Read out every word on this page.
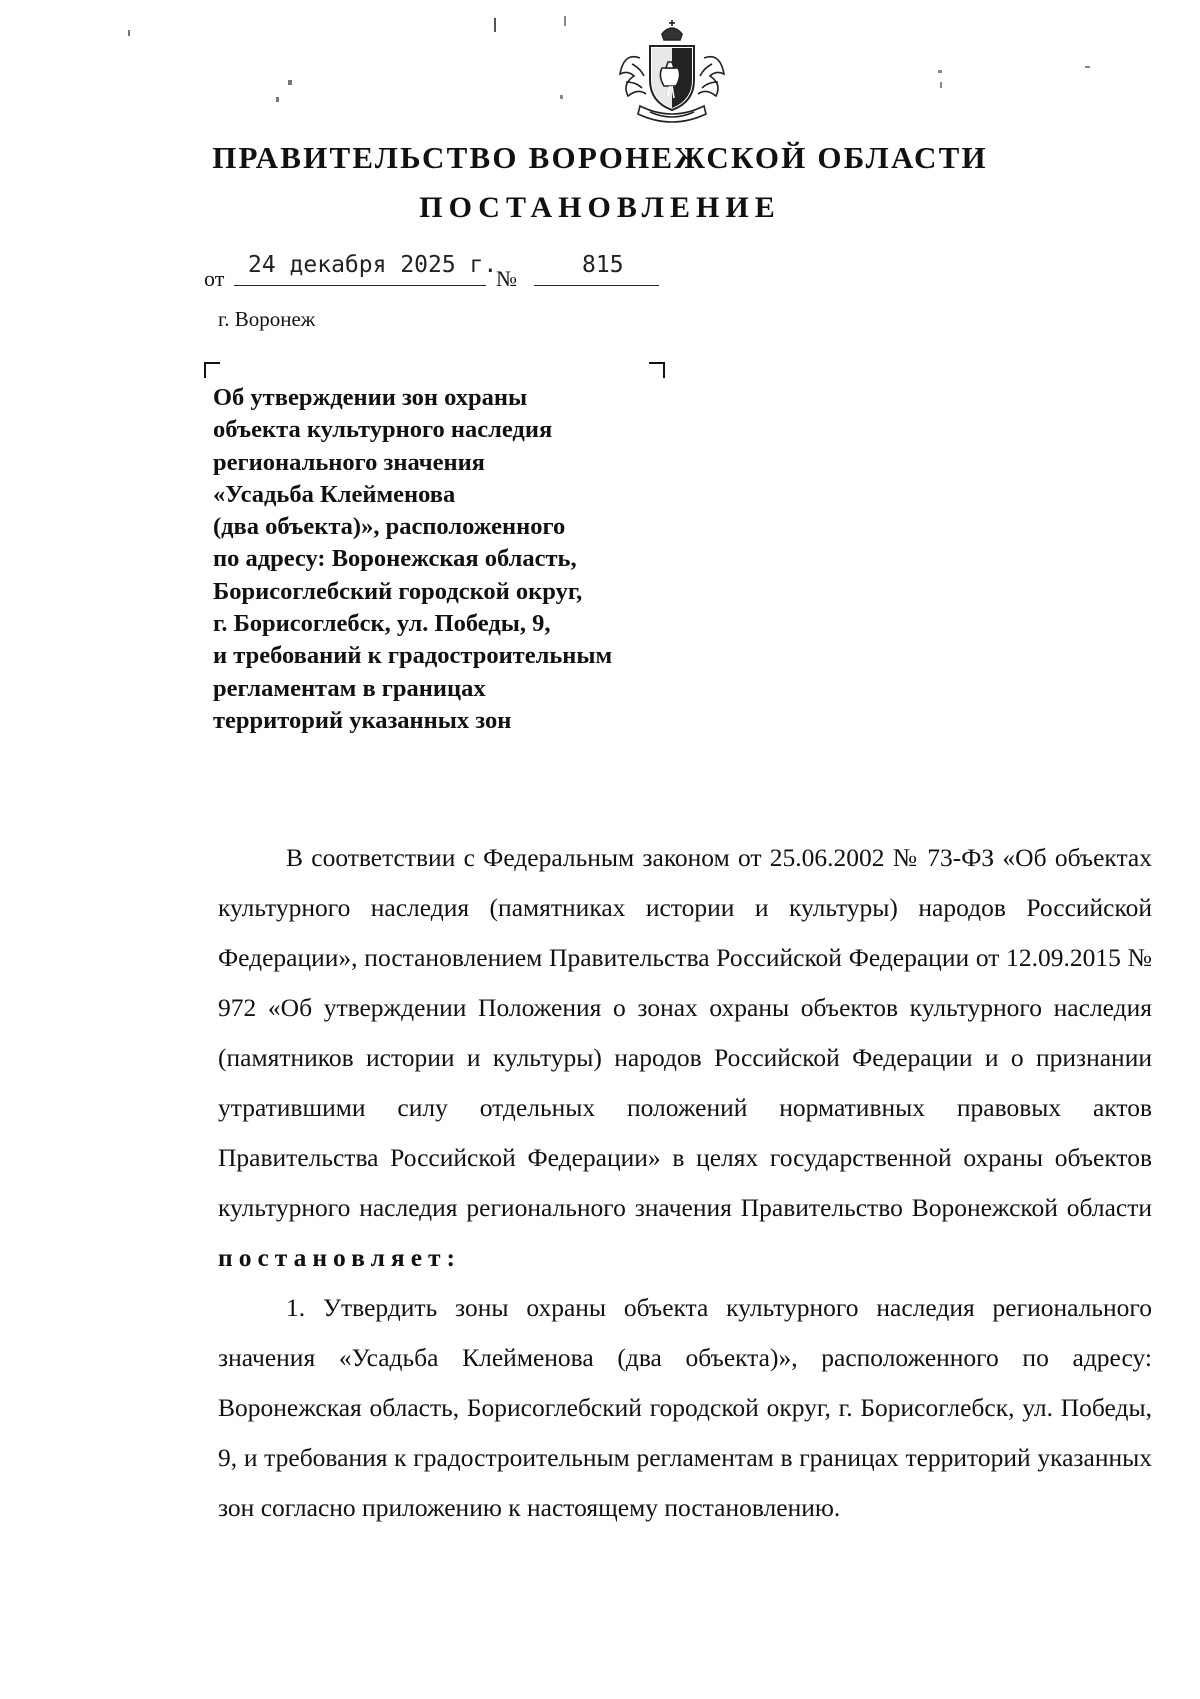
ПРАВИТЕЛЬСТВО ВОРОНЕЖСКОЙ ОБЛАСТИ
ПОСТАНОВЛЕНИЕ
от
24 декабря 2025 г.
№
815
г. Воронеж
Об утверждении зон охраны
объекта культурного наследия
регионального значения
«Усадьба Клейменова
(два объекта)», расположенного
по адресу: Воронежская область,
Борисоглебский городской округ,
г. Борисоглебск, ул. Победы, 9,
и требований к градостроительным
регламентам в границах
территорий указанных зон

В соответствии с Федеральным законом от 25.06.2002 № 73-ФЗ «Об объектах культурного наследия (памятниках истории и культуры) народов Российской Федерации», постановлением Правительства Российской Федерации от 12.09.2015 № 972 «Об утверждении Положения о зонах охраны объектов культурного наследия (памятников истории и культуры) народов Российской Федерации и о признании утратившими силу отдельных положений нормативных правовых актов Правительства Российской Федерации» в целях государственной охраны объектов культурного наследия регионального значения Правительство Воронежской области постановляет:

1. Утвердить зоны охраны объекта культурного наследия регионального значения «Усадьба Клейменова (два объекта)», расположенного по адресу: Воронежская область, Борисоглебский городской округ, г. Борисоглебск, ул. Победы, 9, и требования к градостроительным регламентам в границах территорий указанных зон согласно приложению к настоящему постановлению.
